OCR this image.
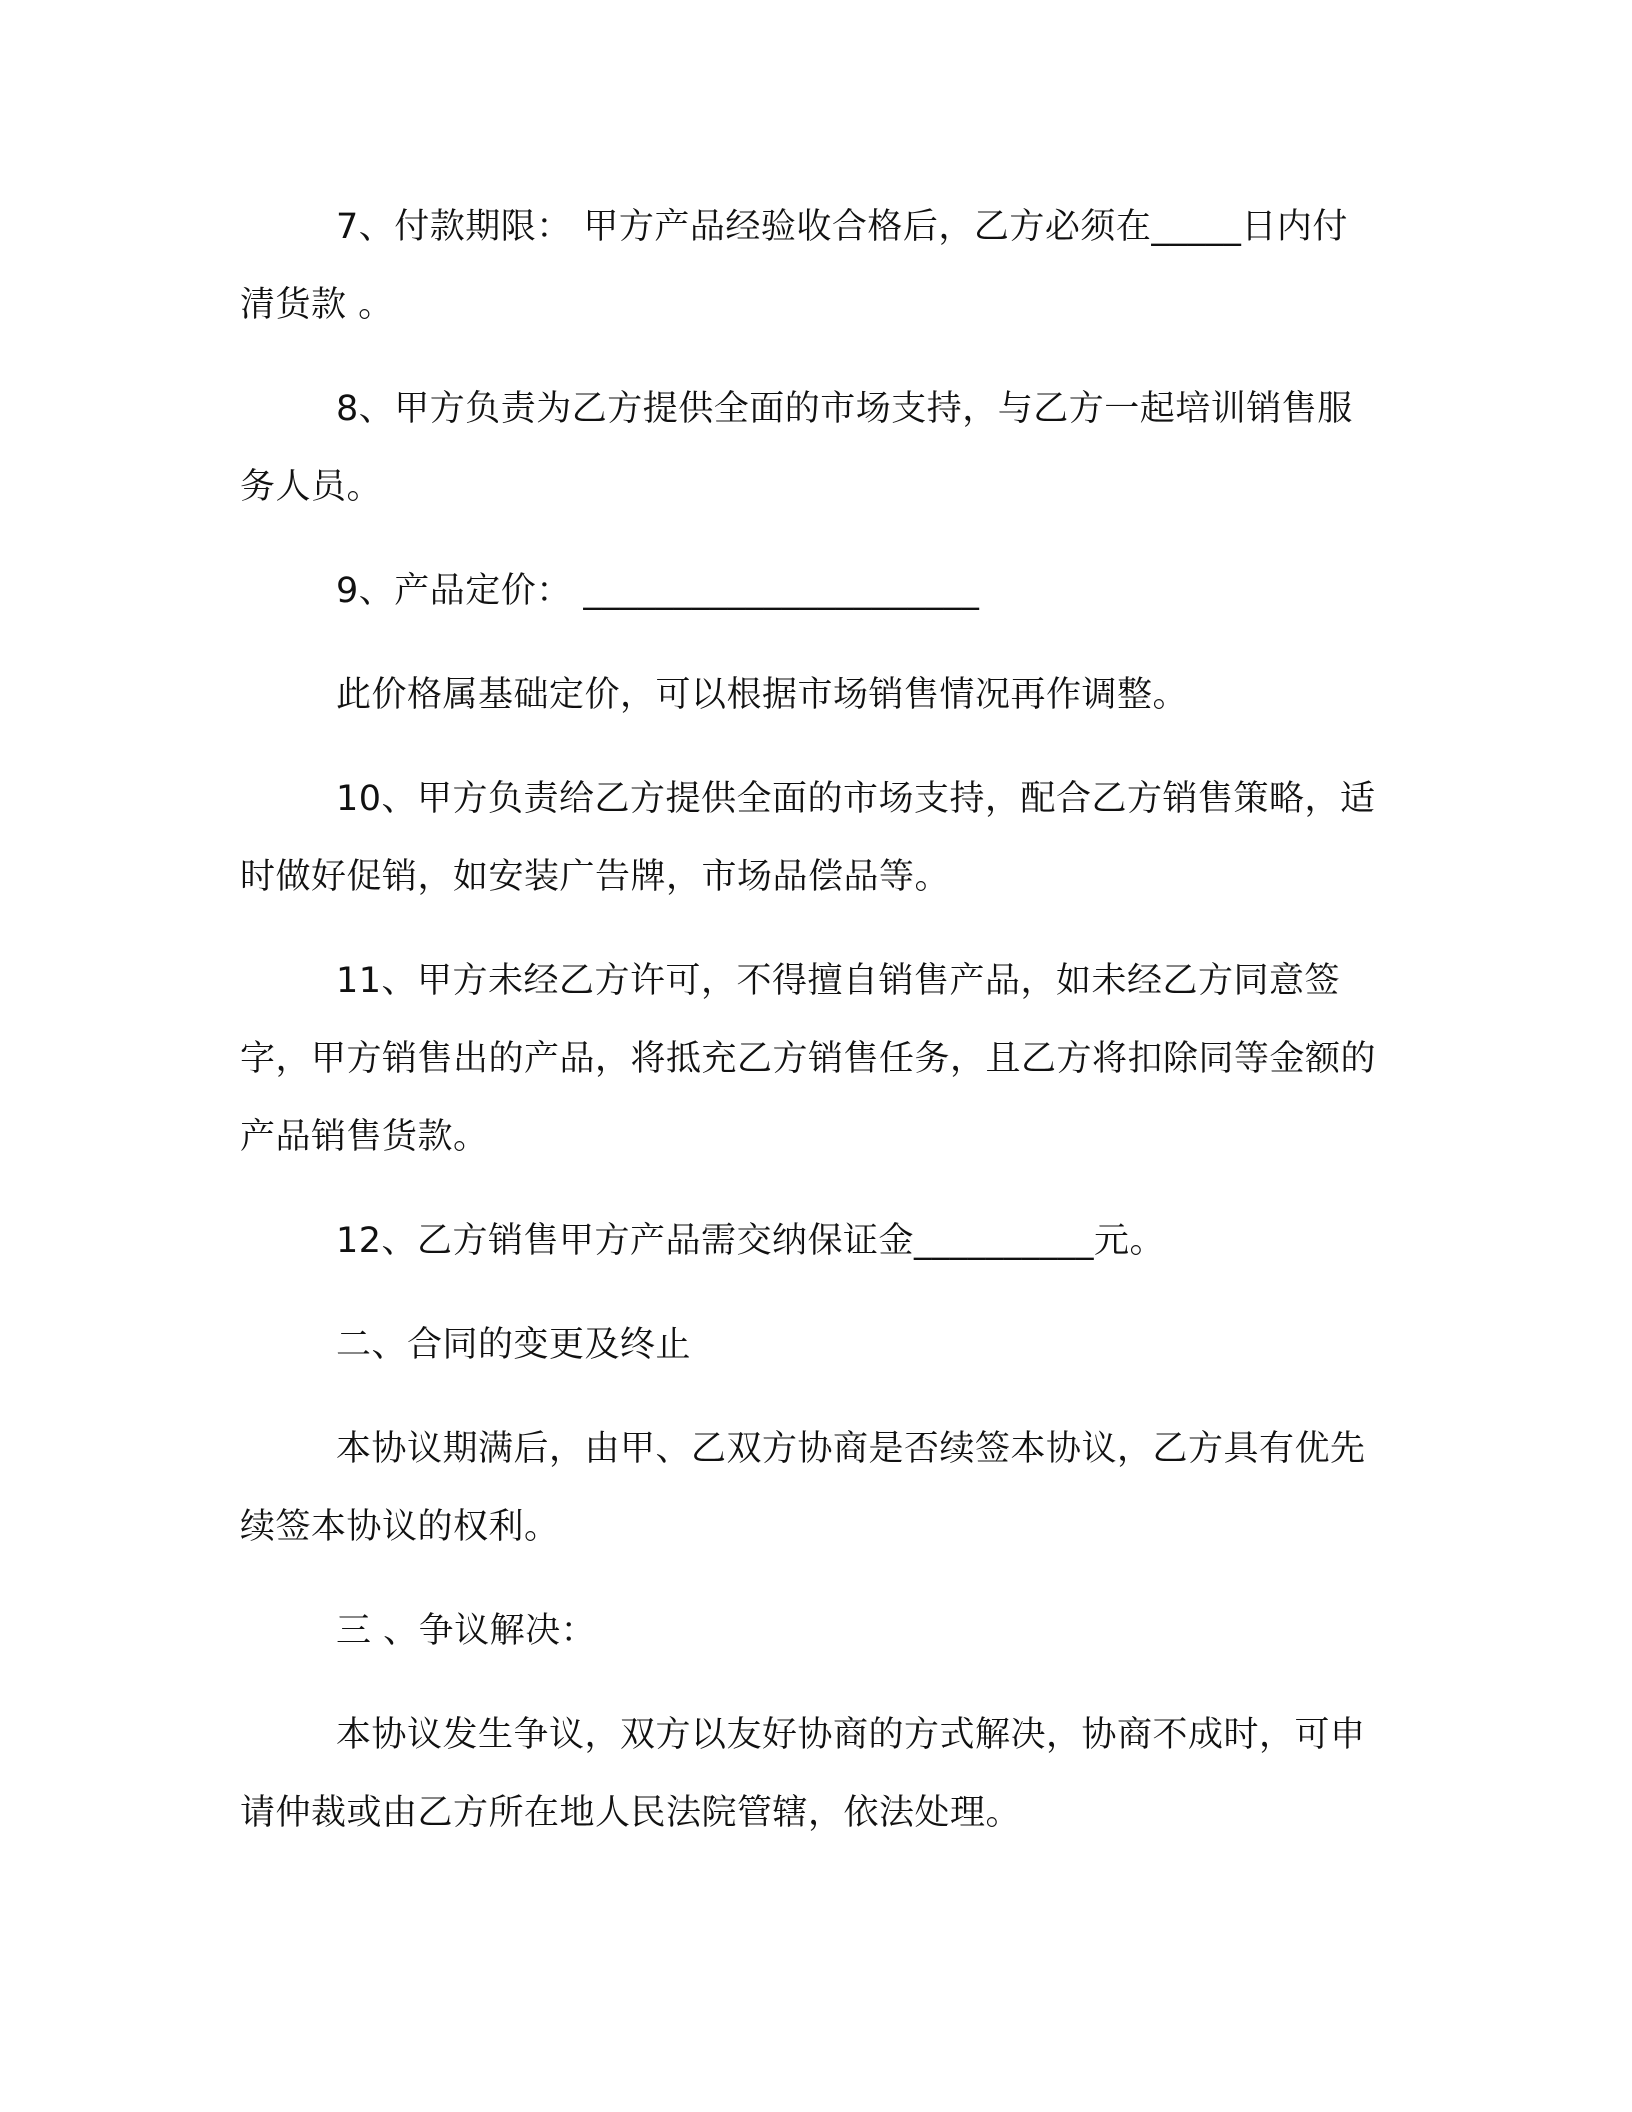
7、付款期限： 甲方产品经验收合格后，乙方必须在_____日内付清货款 。

8、甲方负责为乙方提供全面的市场支持，与乙方一起培训销售服务人员。

9、产品定价： ______________________

此价格属基础定价，可以根据市场销售情况再作调整。

10、甲方负责给乙方提供全面的市场支持，配合乙方销售策略，适时做好促销，如安装广告牌，市场品偿品等。

11、甲方未经乙方许可，不得擅自销售产品，如未经乙方同意签字，甲方销售出的产品，将抵充乙方销售任务，且乙方将扣除同等金额的产品销售货款。

12、乙方销售甲方产品需交纳保证金__________元。

二、合同的变更及终止

本协议期满后，由甲、乙双方协商是否续签本协议，乙方具有优先续签本协议的权利。

三 、争议解决：

本协议发生争议，双方以友好协商的方式解决，协商不成时，可申请仲裁或由乙方所在地人民法院管辖，依法处理。
